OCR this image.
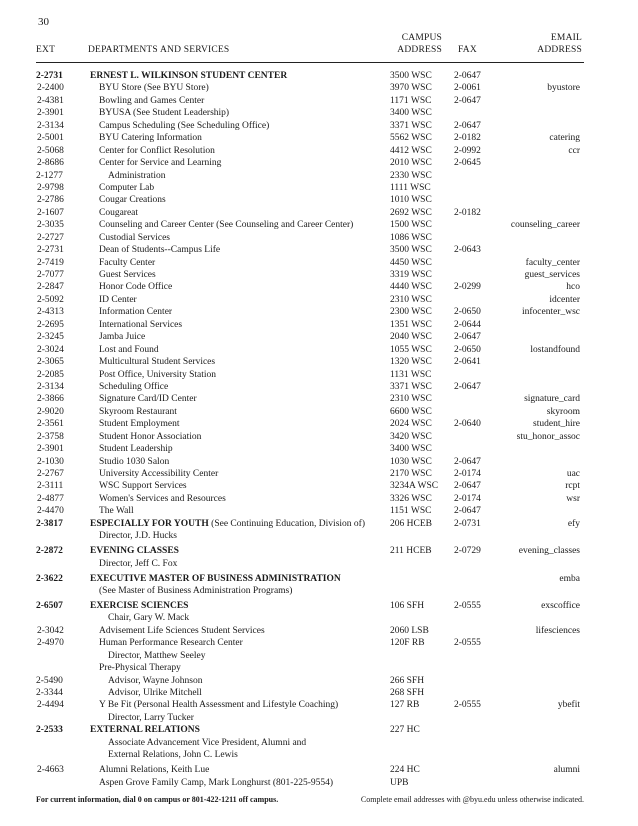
30
EXT	DEPARTMENTS AND SERVICES
CAMPUS
ADDRESS FAX
EMAIL
ADDRESS
2-2731	ERNEST L. WILKINSON STUDENT CENTER	3500 WSC	2-0647
2-2400	BYU Store (See BYU Store)	3970 WSC	2-0061	byustore
2-4381	Bowling and Games Center	1171 WSC	2-0647
2-3901	BYUSA (See Student Leadership)	3400 WSC
2-3134	Campus Scheduling (See Scheduling Office)	3371 WSC	2-0647
2-5001	BYU Catering Information	5562 WSC	2-0182	catering
2-5068	Center for Conflict Resolution	4412 WSC	2-0992	ccr
2-8686	Center for Service and Learning	2010 WSC	2-0645
2-1277	Administration	2330 WSC
2-9798	Computer Lab	1111 WSC
2-2786	Cougar Creations	1010 WSC
2-1607	Cougareat	2692 WSC	2-0182
2-3035	Counseling and Career Center (See Counseling and Career Center)	1500 WSC	counseling_career
2-2727	Custodial Services	1086 WSC
2-2731	Dean of Students--Campus Life	3500 WSC	2-0643
2-7419	Faculty Center	4450 WSC	faculty_center
2-7077	Guest Services	3319 WSC	guest_services
2-2847	Honor Code Office	4440 WSC	2-0299	hco
2-5092	ID Center	2310 WSC	idcenter
2-4313	Information Center	2300 WSC	2-0650	infocenter_wsc
2-2695	International Services	1351 WSC	2-0644
2-3245	Jamba Juice	2040 WSC	2-0647
2-3024	Lost and Found	1055 WSC	2-0650	lostandfound
2-3065	Multicultural Student Services	1320 WSC	2-0641
2-2085	Post Office, University Station	1131 WSC
2-3134	Scheduling Office	3371 WSC	2-0647
2-3866	Signature Card/ID Center	2310 WSC	signature_card
2-9020	Skyroom Restaurant	6600 WSC	skyroom
2-3561	Student Employment	2024 WSC	2-0640	student_hire
2-3758	Student Honor Association	3420 WSC	stu_honor_assoc
2-3901	Student Leadership	3400 WSC
2-1030	Studio 1030 Salon	1030 WSC	2-0647
2-2767	University Accessibility Center	2170 WSC	2-0174	uac
2-3111	WSC Support Services	3234A WSC	2-0647	rcpt
2-4877	Women's Services and Resources	3326 WSC	2-0174	wsr
2-4470	The Wall	1151 WSC	2-0647
2-3817	ESPECIALLY FOR YOUTH (See Continuing Education, Division of)	206 HCEB	2-0731	efy
Director, J.D. Hucks
2-2872	EVENING CLASSES	211 HCEB	2-0729	evening_classes
Director, Jeff C. Fox
2-3622	EXECUTIVE MASTER OF BUSINESS ADMINISTRATION	emba
(See Master of Business Administration Programs)
2-6507	EXERCISE SCIENCES	106 SFH	2-0555	exscoffice
Chair, Gary W. Mack
2-3042	Advisement Life Sciences Student Services	2060 LSB	lifesciences
2-4970	Human Performance Research Center	120F RB	2-0555
Director, Matthew Seeley
Pre-Physical Therapy
2-5490	Advisor, Wayne Johnson	266 SFH
2-3344	Advisor, Ulrike Mitchell	268 SFH
2-4494	Y Be Fit (Personal Health Assessment and Lifestyle Coaching)	127 RB	2-0555	ybefit
Director, Larry Tucker
2-2533	EXTERNAL RELATIONS	227 HC
Associate Advancement Vice President, Alumni and
External Relations, John C. Lewis
2-4663	Alumni Relations, Keith Lue	224 HC	alumni
Aspen Grove Family Camp, Mark Longhurst (801-225-9554)	UPB
For current information, dial 0 on campus or 801-422-1211 off campus.	Complete email addresses with @byu.edu unless otherwise indicated.
